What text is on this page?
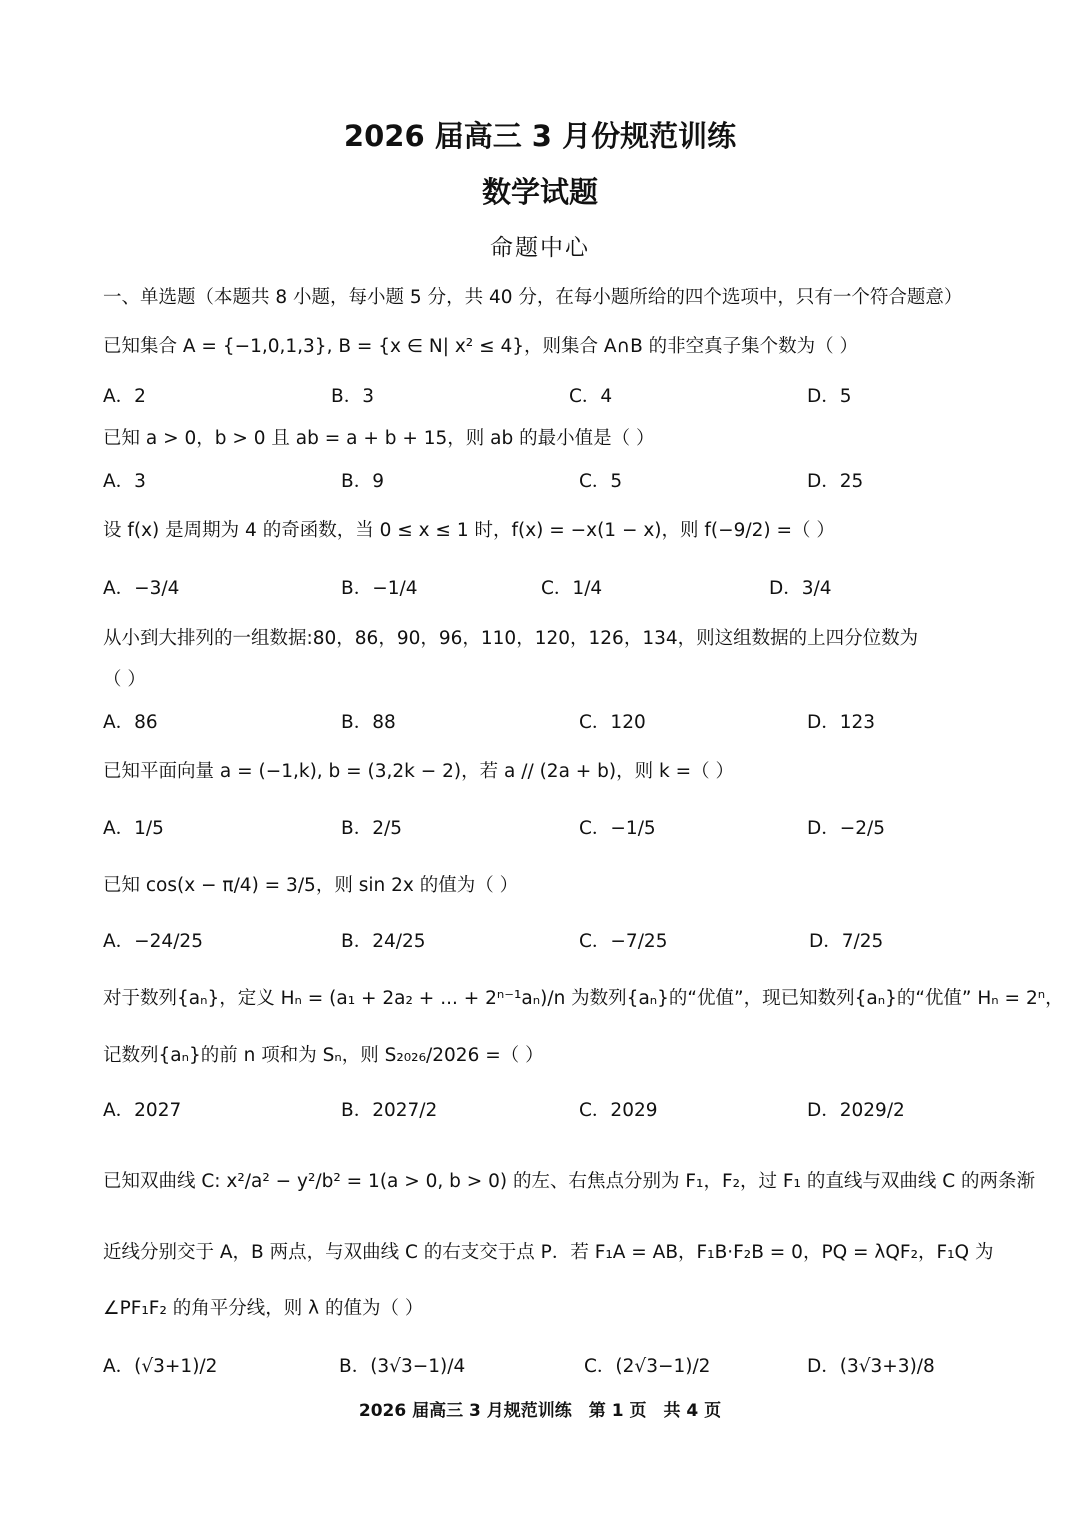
2026 届高三 3 月份规范训练
数学试题
命题中心
一、单选题（本题共 8 小题，每小题 5 分，共 40 分，在每小题所给的四个选项中，只有一个符合题意）
已知集合 A = {−1,0,1,3}, B = {x ∈ N| x² ≤ 4}，则集合 A∩B 的非空真子集个数为（ ）
A．2	B．3	C．4	D．5
已知 a > 0，b > 0 且 ab = a + b + 15，则 ab 的最小值是（ ）
A．3	B．9	C．5	D．25
设 f(x) 是周期为 4 的奇函数，当 0 ≤ x ≤ 1 时，f(x) = −x(1 − x)，则 f(−9/2) =（ ）
A．−3/4	B．−1/4	C．1/4	D．3/4
从小到大排列的一组数据:80，86，90，96，110，120，126，134，则这组数据的上四分位数为
（ ）
A．86	B．88	C．120	D．123
已知平面向量 a = (−1,k), b = (3,2k − 2)，若 a // (2a + b)，则 k =（ ）
A．1/5	B．2/5	C．−1/5	D．−2/5
已知 cos(x − π/4) = 3/5，则 sin 2x 的值为（ ）
A．−24/25	B．24/25	C．−7/25	D．7/25
对于数列{aₙ}，定义 Hₙ = (a₁ + 2a₂ + ... + 2ⁿ⁻¹aₙ)/n 为数列{aₙ}的“优值”，现已知数列{aₙ}的“优值” Hₙ = 2ⁿ，
记数列{aₙ}的前 n 项和为 Sₙ，则 S₂₀₂₆/2026 =（ ）
A．2027	B．2027/2	C．2029	D．2029/2
已知双曲线 C: x²/a² − y²/b² = 1(a > 0, b > 0) 的左、右焦点分别为 F₁，F₂，过 F₁ 的直线与双曲线 C 的两条渐
近线分别交于 A，B 两点，与双曲线 C 的右支交于点 P．若 F₁A = AB，F₁B·F₂B = 0，PQ = λQF₂，F₁Q 为
∠PF₁F₂ 的角平分线，则 λ 的值为（ ）
A．(√3+1)/2	B．(3√3−1)/4	C．(2√3−1)/2	D．(3√3+3)/8
2026 届高三 3 月规范训练　第 1 页　共 4 页
